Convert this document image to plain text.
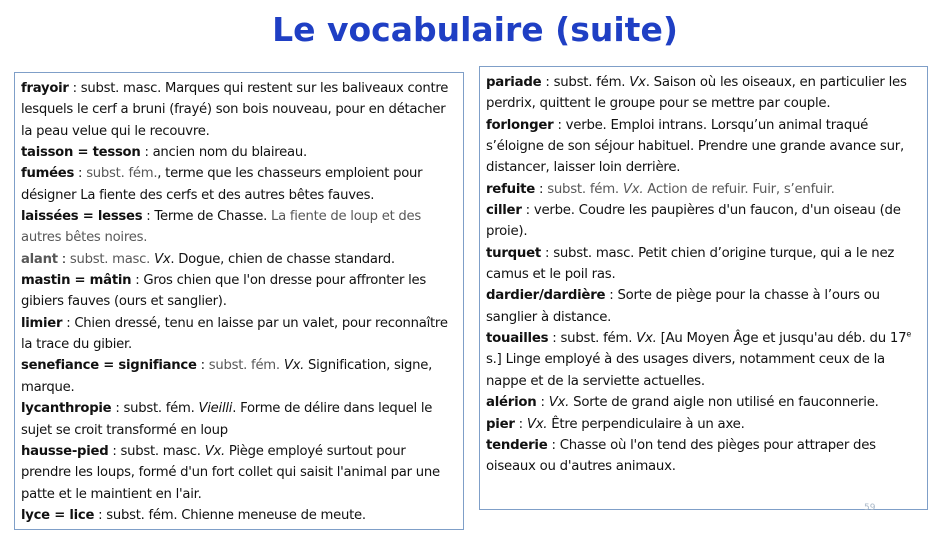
Le vocabulaire (suite)

frayoir : subst. masc. Marques qui restent sur les baliveaux contre lesquels le cerf a bruni (frayé) son bois nouveau, pour en détacher la peau velue qui le recouvre.

taisson = tesson : ancien nom du blaireau.

fumées : subst. fém., terme que les chasseurs emploient pour désigner La fiente des cerfs et des autres bêtes fauves.

laissées = lesses : Terme de Chasse. La fiente de loup et des autres bêtes noires.

alant : subst. masc. Vx. Dogue, chien de chasse standard.

mastin = mâtin : Gros chien que l'on dresse pour affronter les gibiers fauves (ours et sanglier).

limier : Chien dressé, tenu en laisse par un valet, pour reconnaître la trace du gibier.

senefiance = signifiance : subst. fém. Vx. Signification, signe, marque.

lycanthropie : subst. fém. Vieilli. Forme de délire dans lequel le sujet se croit transformé en loup

hausse-pied : subst. masc. Vx. Piège employé surtout pour prendre les loups, formé d'un fort collet qui saisit l'animal par une patte et le maintient en l'air.

lyce = lice : subst. fém. Chienne meneuse de meute.

pariade : subst. fém. Vx. Saison où les oiseaux, en particulier les perdrix, quittent le groupe pour se mettre par couple.

forlonger : verbe. Emploi intrans. Lorsqu’un animal traqué s’éloigne de son séjour habituel. Prendre une grande avance sur, distancer, laisser loin derrière.

refuite : subst. fém. Vx. Action de refuir. Fuir, s’enfuir.

ciller : verbe. Coudre les paupières d'un faucon, d'un oiseau (de proie).

turquet : subst. masc. Petit chien d’origine turque, qui a le nez camus et le poil ras.

dardier/dardière : Sorte de piège pour la chasse à l’ours ou sanglier à distance.

touailles : subst. fém. Vx. [Au Moyen Âge et jusqu'au déb. du 17e s.] Linge employé à des usages divers, notamment ceux de la nappe et de la serviette actuelles.

alérion : Vx. Sorte de grand aigle non utilisé en fauconnerie.

pier : Vx. Être perpendiculaire à un axe.

tenderie : Chasse où l'on tend des pièges pour attraper des oiseaux ou d'autres animaux.

59
